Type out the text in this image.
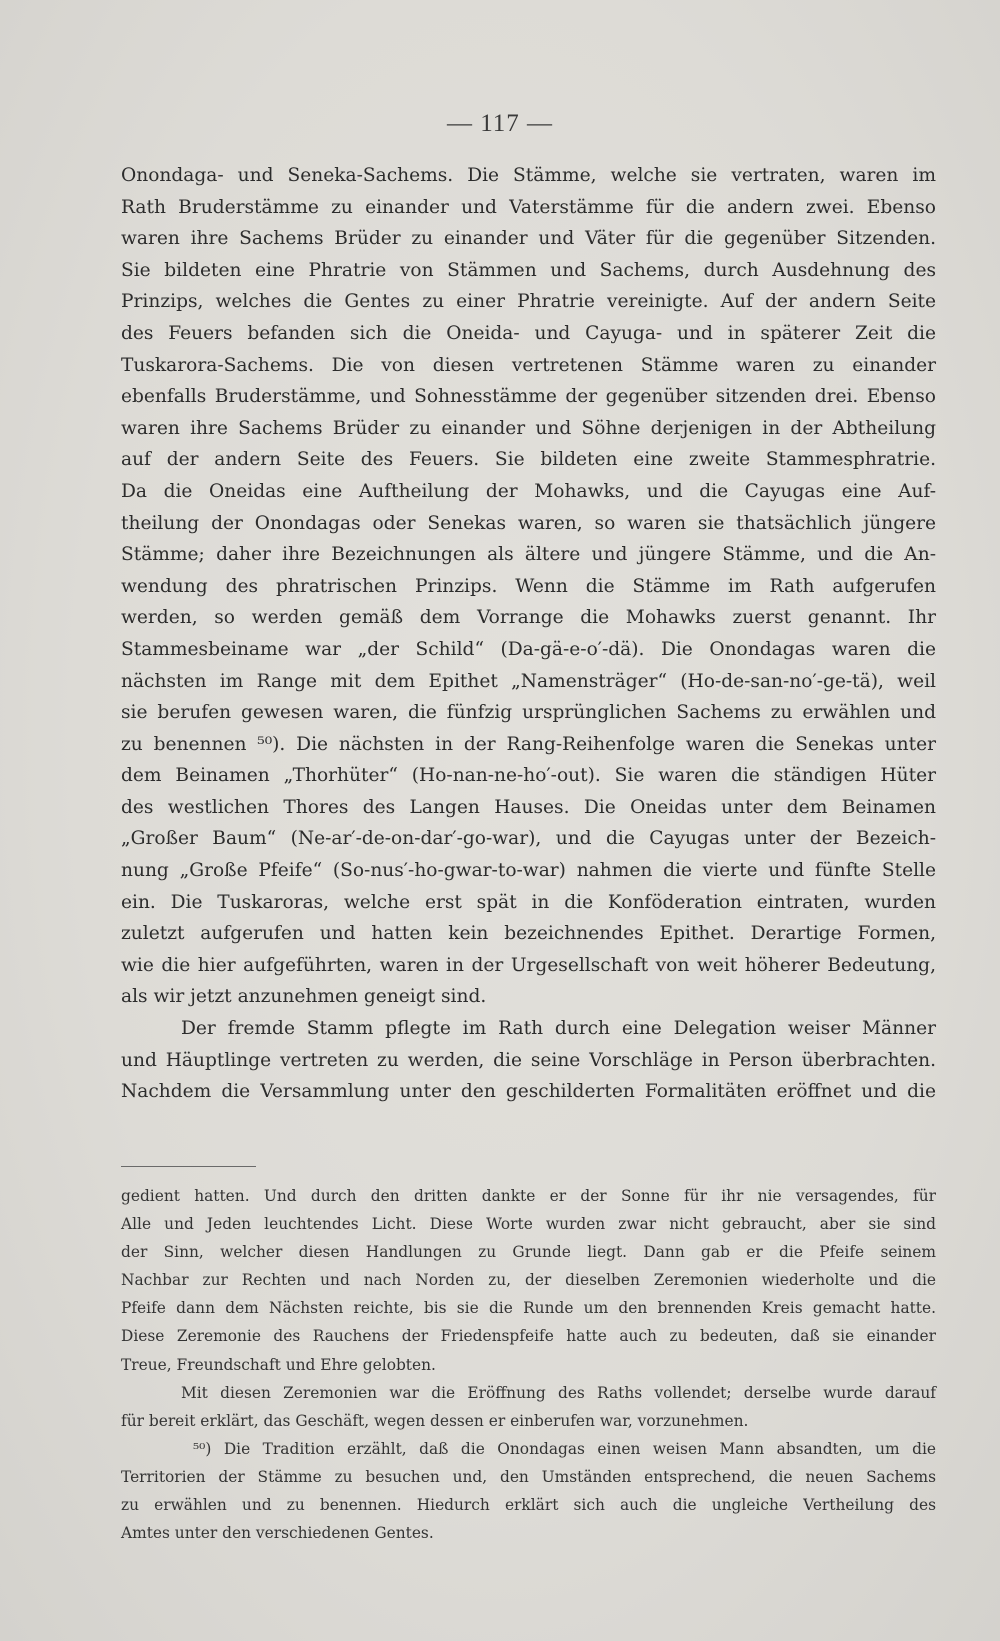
— 117 —
Onondaga- und Seneka-Sachems. Die Stämme, welche sie vertraten, waren im
Rath Bruderstämme zu einander und Vaterstämme für die andern zwei. Ebenso
waren ihre Sachems Brüder zu einander und Väter für die gegenüber Sitzenden.
Sie bildeten eine Phratrie von Stämmen und Sachems, durch Ausdehnung des
Prinzips, welches die Gentes zu einer Phratrie vereinigte. Auf der andern Seite
des Feuers befanden sich die Oneida- und Cayuga- und in späterer Zeit die
Tuskarora-Sachems. Die von diesen vertretenen Stämme waren zu einander
ebenfalls Bruderstämme, und Sohnesstämme der gegenüber sitzenden drei. Ebenso
waren ihre Sachems Brüder zu einander und Söhne derjenigen in der Abtheilung
auf der andern Seite des Feuers. Sie bildeten eine zweite Stammesphratrie.
Da die Oneidas eine Auftheilung der Mohawks, und die Cayugas eine Auf-
theilung der Onondagas oder Senekas waren, so waren sie thatsächlich jüngere
Stämme; daher ihre Bezeichnungen als ältere und jüngere Stämme, und die An-
wendung des phratrischen Prinzips. Wenn die Stämme im Rath aufgerufen
werden, so werden gemäß dem Vorrange die Mohawks zuerst genannt. Ihr
Stammesbeiname war „der Schild“ (Da-gä-e-o′-dä). Die Onondagas waren die
nächsten im Range mit dem Epithet „Namensträger“ (Ho-de-san-no′-ge-tä), weil
sie berufen gewesen waren, die fünfzig ursprünglichen Sachems zu erwählen und
zu benennen ⁵⁰). Die nächsten in der Rang-Reihenfolge waren die Senekas unter
dem Beinamen „Thorhüter“ (Ho-nan-ne-ho′-out). Sie waren die ständigen Hüter
des westlichen Thores des Langen Hauses. Die Oneidas unter dem Beinamen
„Großer Baum“ (Ne-ar′-de-on-dar′-go-war), und die Cayugas unter der Bezeich-
nung „Große Pfeife“ (So-nus′-ho-gwar-to-war) nahmen die vierte und fünfte Stelle
ein. Die Tuskaroras, welche erst spät in die Konföderation eintraten, wurden
zuletzt aufgerufen und hatten kein bezeichnendes Epithet. Derartige Formen,
wie die hier aufgeführten, waren in der Urgesellschaft von weit höherer Bedeutung,
als wir jetzt anzunehmen geneigt sind.
Der fremde Stamm pflegte im Rath durch eine Delegation weiser Männer
und Häuptlinge vertreten zu werden, die seine Vorschläge in Person überbrachten.
Nachdem die Versammlung unter den geschilderten Formalitäten eröffnet und die
gedient hatten. Und durch den dritten dankte er der Sonne für ihr nie versagendes, für
Alle und Jeden leuchtendes Licht. Diese Worte wurden zwar nicht gebraucht, aber sie sind
der Sinn, welcher diesen Handlungen zu Grunde liegt. Dann gab er die Pfeife seinem
Nachbar zur Rechten und nach Norden zu, der dieselben Zeremonien wiederholte und die
Pfeife dann dem Nächsten reichte, bis sie die Runde um den brennenden Kreis gemacht hatte.
Diese Zeremonie des Rauchens der Friedenspfeife hatte auch zu bedeuten, daß sie einander
Treue, Freundschaft und Ehre gelobten.
Mit diesen Zeremonien war die Eröffnung des Raths vollendet; derselbe wurde darauf
für bereit erklärt, das Geschäft, wegen dessen er einberufen war, vorzunehmen.
⁵⁰) Die Tradition erzählt, daß die Onondagas einen weisen Mann absandten, um die
Territorien der Stämme zu besuchen und, den Umständen entsprechend, die neuen Sachems
zu erwählen und zu benennen. Hiedurch erklärt sich auch die ungleiche Vertheilung des
Amtes unter den verschiedenen Gentes.
